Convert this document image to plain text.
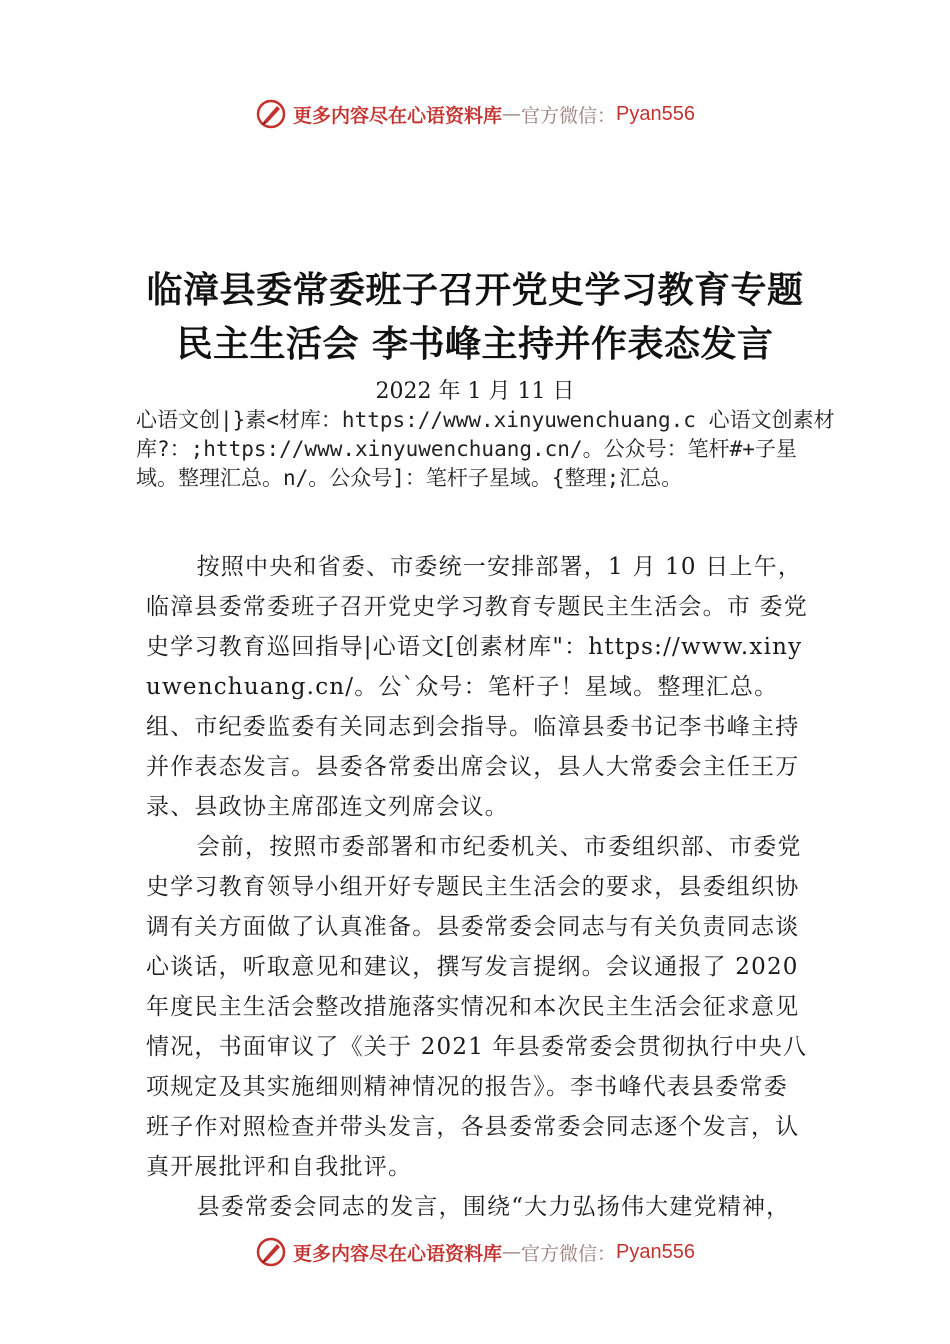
更多内容尽在心语资料库 — 官方微信： Pyan556
临漳县委常委班子召开党史学习教育专题
民主生活会 李书峰主持并作表态发言
2022 年 1 月 11 日

心语文创|}素<材库：https://www.xinyuwenchuang.c 心语文创素材库?：;https://www.xinyuwenchuang.cn/。公众号：笔杆#+子星域。整理汇总。n/。公众号]：笔杆子星域。{整理;汇总。

按照中央和省委、市委统一安排部署，1 月 10 日上午， 临漳县委常委班子召开党史学习教育专题民主生活会。市 委党史学习教育巡回指导|心语文[创素材库"：https://www.xinyuwenchuang.cn/。公`众号：笔杆子！星域。整理汇总。组、市纪委监委有关同志到会指导。临漳县委书记李书峰主持并作表态发言。县委各常委出席会议，县人大常委会主任王万录、县政协主席邵连文列席会议。

会前，按照市委部署和市纪委机关、市委组织部、市委党史学习教育领导小组开好专题民主生活会的要求，县委组织协调有关方面做了认真准备。县委常委会同志与有关负责同志谈心谈话，听取意见和建议，撰写发言提纲。会议通报了 2020 年度民主生活会整改措施落实情况和本次民主生活会征求意见情况，书面审议了《关于 2021 年县委常委会贯彻执行中央八项规定及其实施细则精神情况的报告》。李书峰代表县委常委班子作对照检查并带头发言，各县委常委会同志逐个发言，认真开展批评和自我批评。

县委常委会同志的发言，围绕“大力弘扬伟大建党精神，

更多内容尽在心语资料库 — 官方微信： Pyan556
